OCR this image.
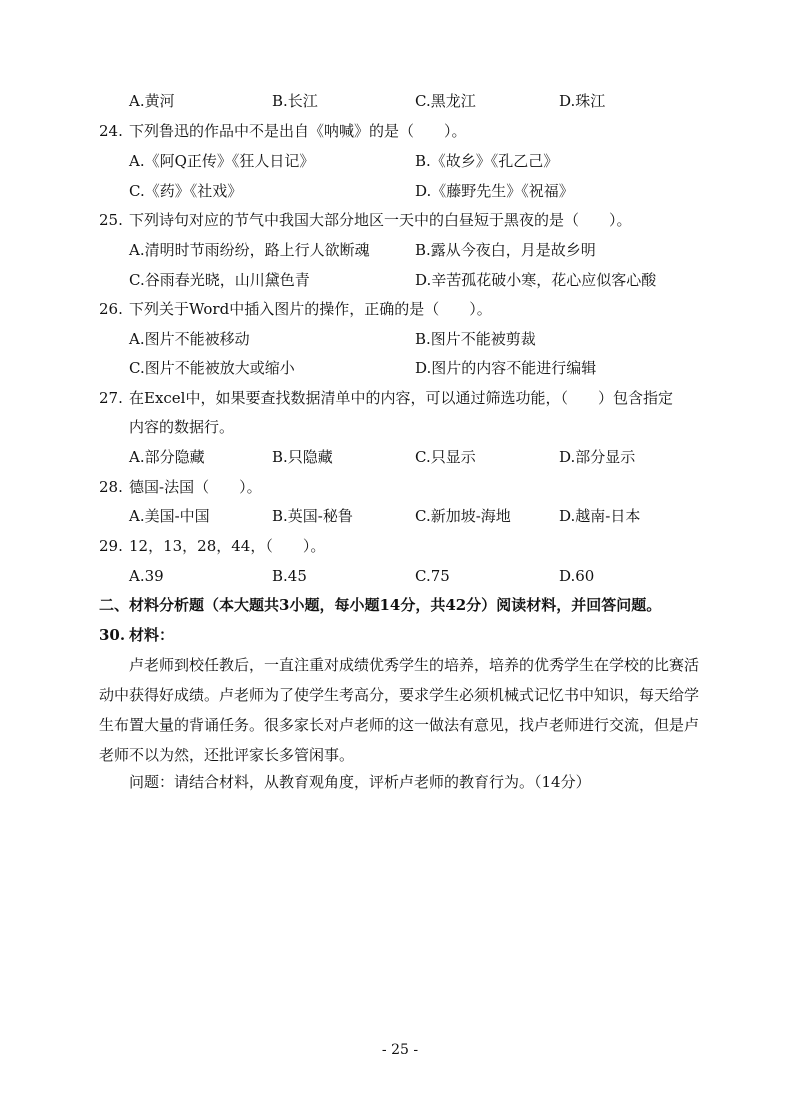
A.黄河	B.长江	C.黑龙江	D.珠江
24. 下列鲁迅的作品中不是出自《呐喊》的是（　　）。
A.《阿Q正传》《狂人日记》	B.《故乡》《孔乙己》
C.《药》《社戏》	D.《藤野先生》《祝福》
25. 下列诗句对应的节气中我国大部分地区一天中的白昼短于黑夜的是（　　）。
A.清明时节雨纷纷，路上行人欲断魂	B.露从今夜白，月是故乡明
C.谷雨春光晓，山川黛色青	D.辛苦孤花破小寒，花心应似客心酸
26. 下列关于Word中插入图片的操作，正确的是（　　）。
A.图片不能被移动	B.图片不能被剪裁
C.图片不能被放大或缩小	D.图片的内容不能进行编辑
27. 在Excel中，如果要查找数据清单中的内容，可以通过筛选功能，（　　）包含指定
内容的数据行。
A.部分隐藏	B.只隐藏	C.只显示	D.部分显示
28. 德国-法国（　　）。
A.美国-中国	B.英国-秘鲁	C.新加坡-海地	D.越南-日本
29. 12，13，28，44，（　　）。
A.39	B.45	C.75	D.60
二、材料分析题（本大题共3小题，每小题14分，共42分）阅读材料，并回答问题。
30. 材料：
卢老师到校任教后，一直注重对成绩优秀学生的培养，培养的优秀学生在学校的比赛活动中获得好成绩。卢老师为了使学生考高分，要求学生必须机械式记忆书中知识，每天给学生布置大量的背诵任务。很多家长对卢老师的这一做法有意见，找卢老师进行交流，但是卢老师不以为然，还批评家长多管闲事。
问题：请结合材料，从教育观角度，评析卢老师的教育行为。（14分）
- 25 -
